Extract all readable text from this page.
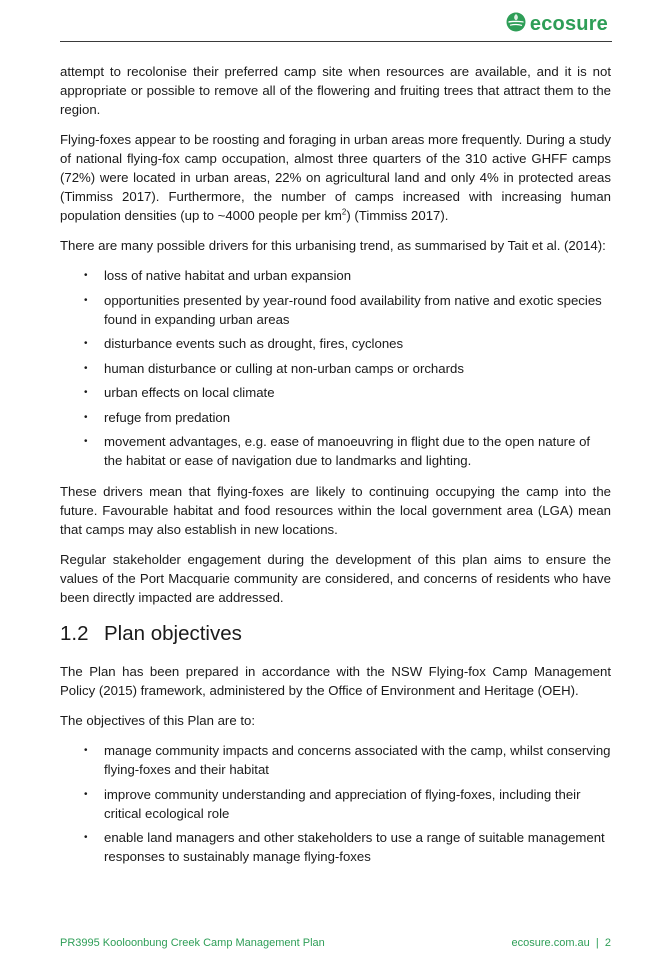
ecosure

attempt to recolonise their preferred camp site when resources are available, and it is not appropriate or possible to remove all of the flowering and fruiting trees that attract them to the region.

Flying-foxes appear to be roosting and foraging in urban areas more frequently. During a study of national flying-fox camp occupation, almost three quarters of the 310 active GHFF camps (72%) were located in urban areas, 22% on agricultural land and only 4% in protected areas (Timmiss 2017). Furthermore, the number of camps increased with increasing human population densities (up to ~4000 people per $km^2$) (Timmiss 2017).

There are many possible drivers for this urbanising trend, as summarised by Tait et al. (2014):

• loss of native habitat and urban expansion
• opportunities presented by year-round food availability from native and exotic species found in expanding urban areas
• disturbance events such as drought, fires, cyclones
• human disturbance or culling at non-urban camps or orchards
• urban effects on local climate
• refuge from predation
• movement advantages, e.g. ease of manoeuvring in flight due to the open nature of the habitat or ease of navigation due to landmarks and lighting.

These drivers mean that flying-foxes are likely to continuing occupying the camp into the future. Favourable habitat and food resources within the local government area (LGA) mean that camps may also establish in new locations.

Regular stakeholder engagement during the development of this plan aims to ensure the values of the Port Macquarie community are considered, and concerns of residents who have been directly impacted are addressed.

1.2 Plan objectives

The Plan has been prepared in accordance with the NSW Flying-fox Camp Management Policy (2015) framework, administered by the Office of Environment and Heritage (OEH).

The objectives of this Plan are to:

• manage community impacts and concerns associated with the camp, whilst conserving flying-foxes and their habitat
• improve community understanding and appreciation of flying-foxes, including their critical ecological role
• enable land managers and other stakeholders to use a range of suitable management responses to sustainably manage flying-foxes
PR3995 Kooloonbung Creek Camp Management Plan	ecosure.com.au  |  2
